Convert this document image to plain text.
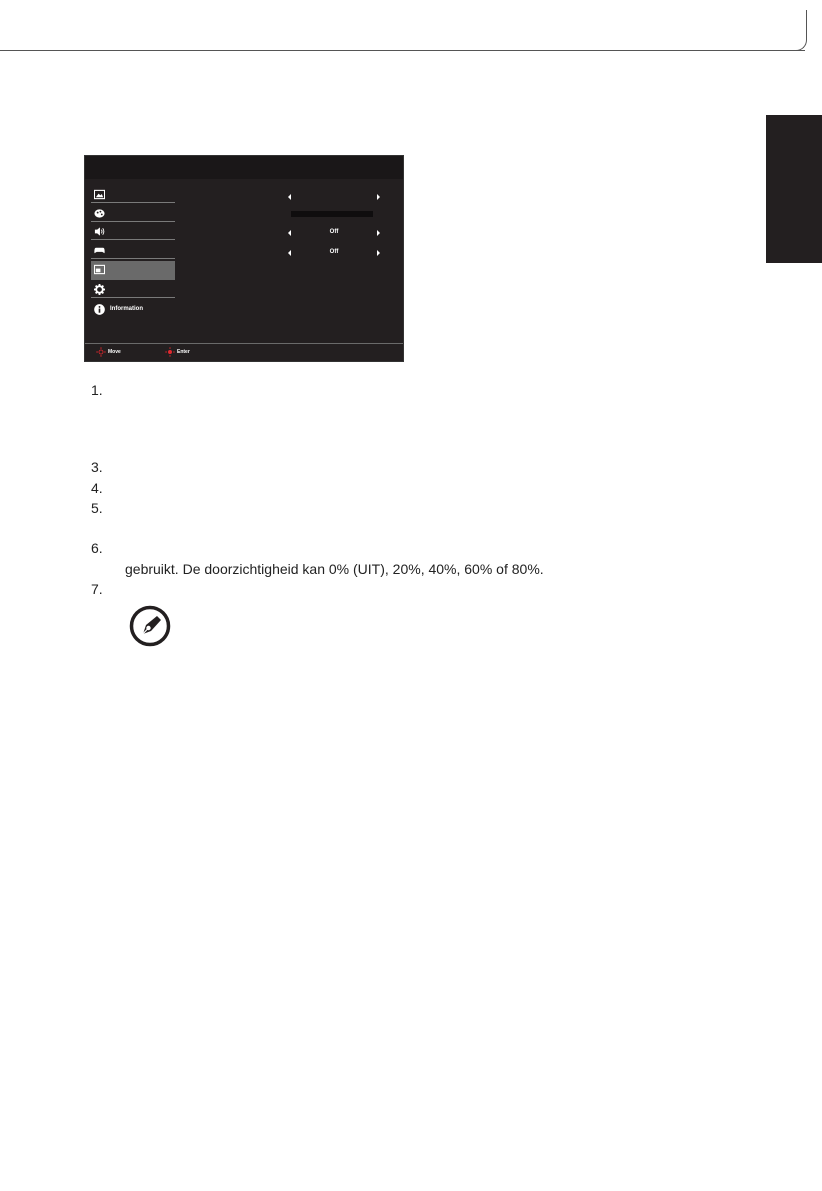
Information
Off
Off
Move	Enter
1.
3.
4.
5.
6.
gebruikt. De doorzichtigheid kan 0% (UIT), 20%, 40%, 60% of 80%.
7.
